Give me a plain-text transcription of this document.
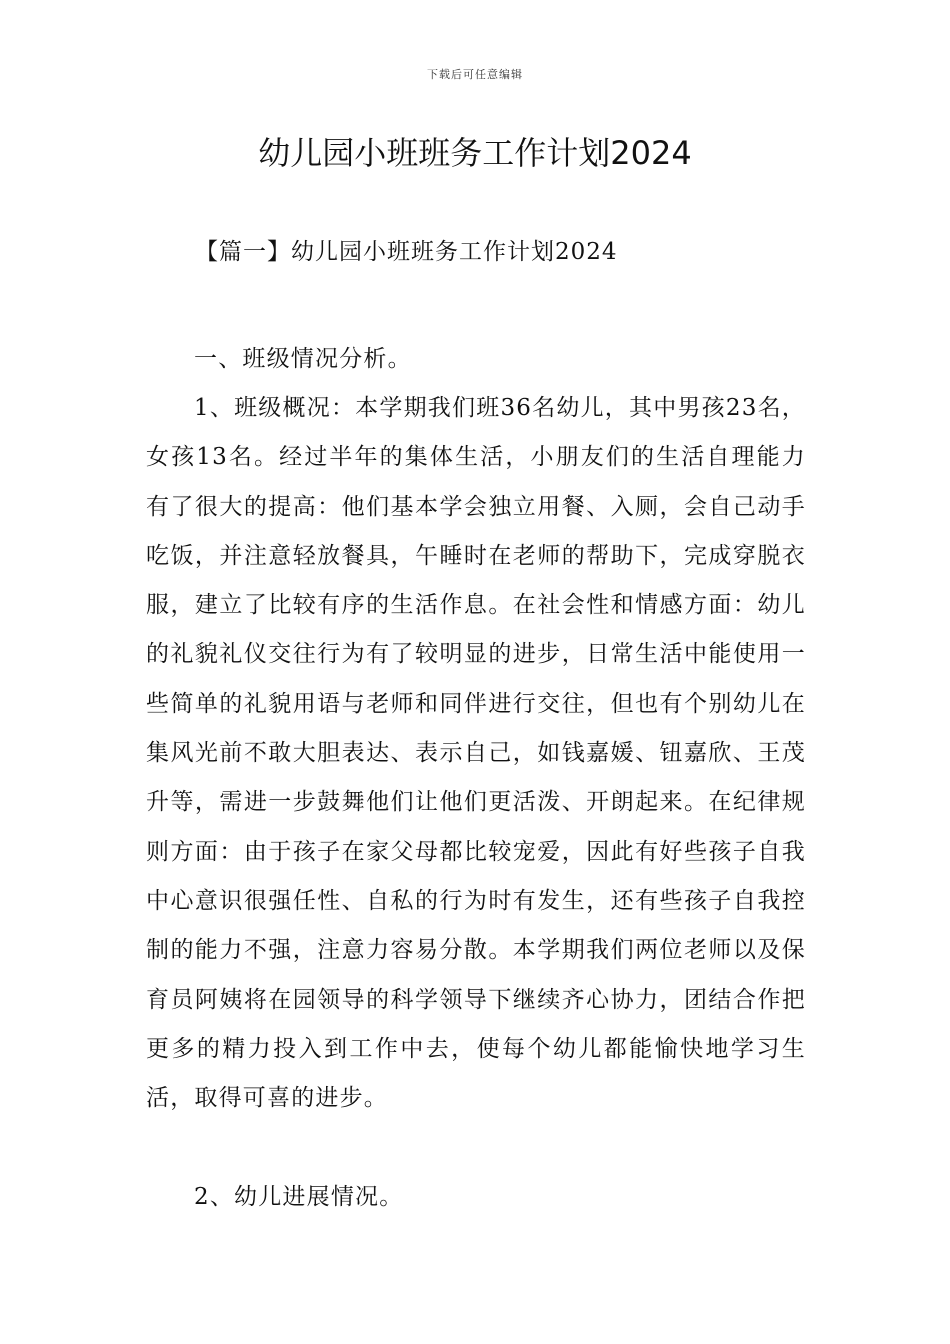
下载后可任意编辑
幼儿园小班班务工作计划2024
【篇一】幼儿园小班班务工作计划2024

一、班级情况分析。

1、班级概况：本学期我们班36名幼儿，其中男孩23名，女孩13名。经过半年的集体生活，小朋友们的生活自理能力有了很大的提高：他们基本学会独立用餐、入厕，会自己动手吃饭，并注意轻放餐具，午睡时在老师的帮助下，完成穿脱衣服，建立了比较有序的生活作息。在社会性和情感方面：幼儿的礼貌礼仪交往行为有了较明显的进步，日常生活中能使用一些简单的礼貌用语与老师和同伴进行交往，但也有个别幼儿在集风光前不敢大胆表达、表示自己，如钱嘉媛、钮嘉欣、王茂升等，需进一步鼓舞他们让他们更活泼、开朗起来。在纪律规则方面：由于孩子在家父母都比较宠爱，因此有好些孩子自我中心意识很强任性、自私的行为时有发生，还有些孩子自我控制的能力不强，注意力容易分散。本学期我们两位老师以及保育员阿姨将在园领导的科学领导下继续齐心协力，团结合作把更多的精力投入到工作中去，使每个幼儿都能愉快地学习生活，取得可喜的进步。

2、幼儿进展情况。
